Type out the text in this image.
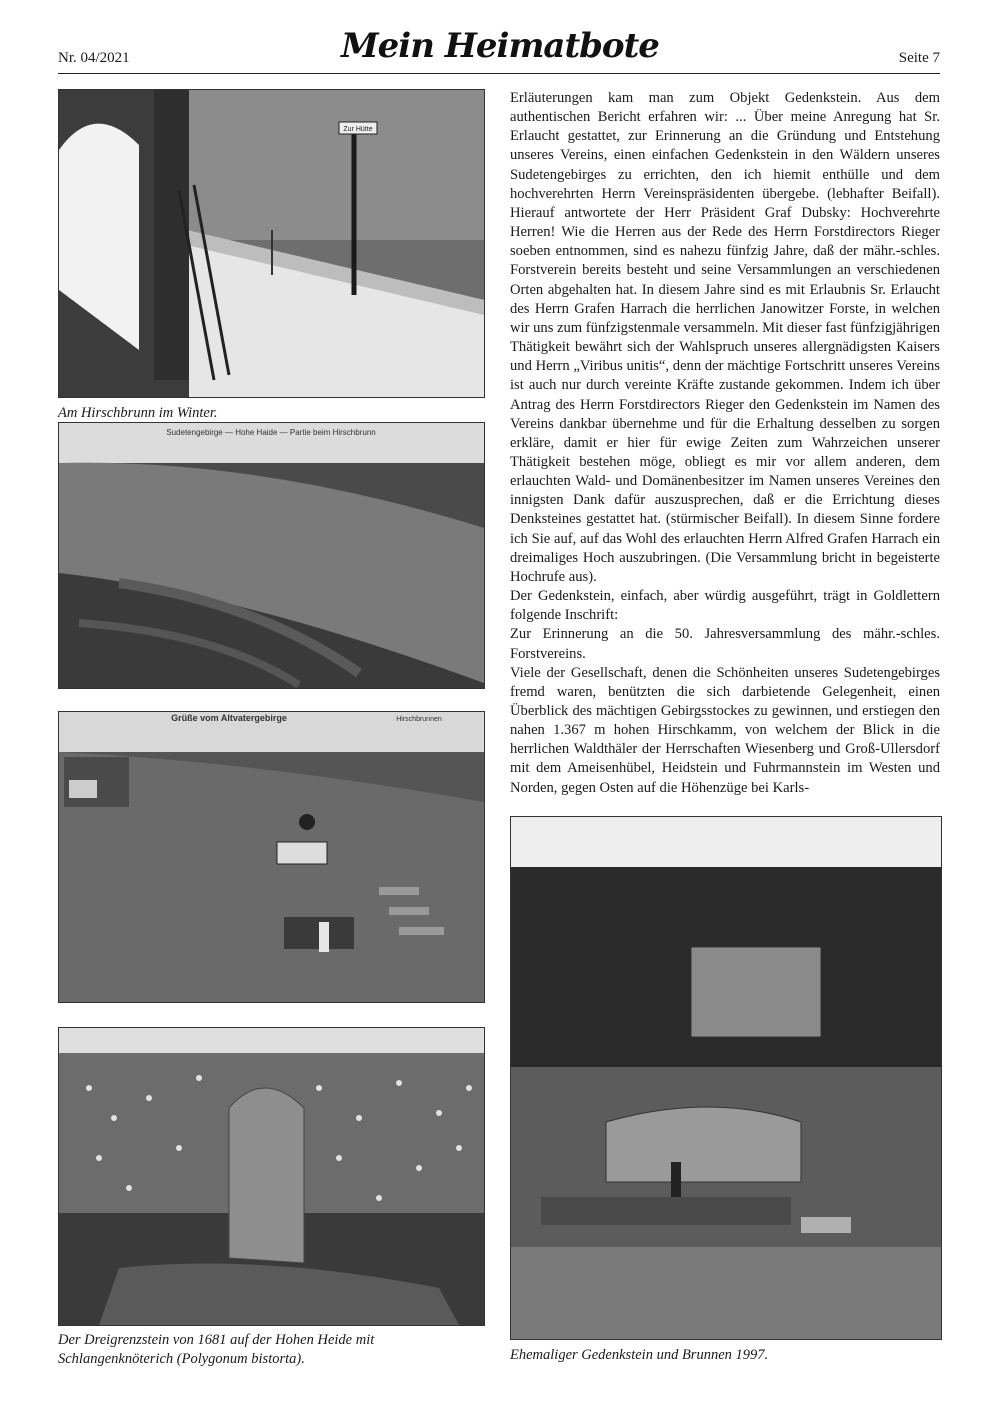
Nr. 04/2021	Mein Heimatbote	Seite 7
Zur Hütte
Am Hirschbrunn im Winter.
Sudetengebirge — Hohe Haide — Partie beim Hirschbrunn
Grüße vom Altvatergebirge	Hirschbrunnen
Der Dreigrenzstein von 1681 auf der Hohen Heide mit Schlangenknöterich (Polygonum bistorta).	Ehemaliger Gedenkstein und Brunnen 1997.

Erläuterungen kam man zum Objekt Gedenkstein. Aus dem authentischen Bericht erfahren wir: ... Über meine Anregung hat Sr. Erlaucht gestattet, zur Erinnerung an die Gründung und Entstehung unseres Vereins, einen einfachen Gedenkstein in den Wäldern unseres Sudetengebirges zu errichten, den ich hiemit enthülle und dem hochverehrten Herrn Vereinspräsidenten übergebe. (lebhafter Beifall). Hierauf antwortete der Herr Präsident Graf Dubsky: Hochverehrte Herren! Wie die Herren aus der Rede des Herrn Forstdirectors Rieger soeben entnommen, sind es nahezu fünfzig Jahre, daß der mähr.-schles. Forstverein bereits besteht und seine Versammlungen an verschiedenen Orten abgehalten hat. In diesem Jahre sind es mit Erlaubnis Sr. Erlaucht des Herrn Grafen Harrach die herrlichen Janowitzer Forste, in welchen wir uns zum fünfzigstenmale versammeln. Mit dieser fast fünfzigjährigen Thätigkeit bewährt sich der Wahlspruch unseres allergnädigsten Kaisers und Herrn „Viribus unitis“, denn der mächtige Fortschritt unseres Vereins ist auch nur durch vereinte Kräfte zustande gekommen. Indem ich über Antrag des Herrn Forstdirectors Rieger den Gedenkstein im Namen des Vereins dankbar übernehme und für die Erhaltung desselben zu sorgen erkläre, damit er hier für ewige Zeiten zum Wahrzeichen unserer Thätigkeit bestehen möge, obliegt es mir vor allem anderen, dem erlauchten Wald- und Domänenbesitzer im Namen unseres Vereines den innigsten Dank dafür auszusprechen, daß er die Errichtung dieses Denksteines gestattet hat. (stürmischer Beifall). In diesem Sinne fordere ich Sie auf, auf das Wohl des erlauchten Herrn Alfred Grafen Harrach ein dreimaliges Hoch auszubringen. (Die Versammlung bricht in begeisterte Hochrufe aus).

Der Gedenkstein, einfach, aber würdig ausgeführt, trägt in Goldlettern folgende Inschrift:

Zur Erinnerung an die 50. Jahresversammlung des mähr.-schles. Forstvereins.

Viele der Gesellschaft, denen die Schönheiten unseres Sudetengebirges fremd waren, benützten die sich darbietende Gelegenheit, einen Überblick des mächtigen Gebirgsstockes zu gewinnen, und erstiegen den nahen 1.367 m hohen Hirschkamm, von welchem der Blick in die herrlichen Waldthäler der Herrschaften Wiesenberg und Groß-Ullersdorf mit dem Ameisenhübel, Heidstein und Fuhrmannstein im Westen und Norden, gegen Osten auf die Höhenzüge bei Karls-
